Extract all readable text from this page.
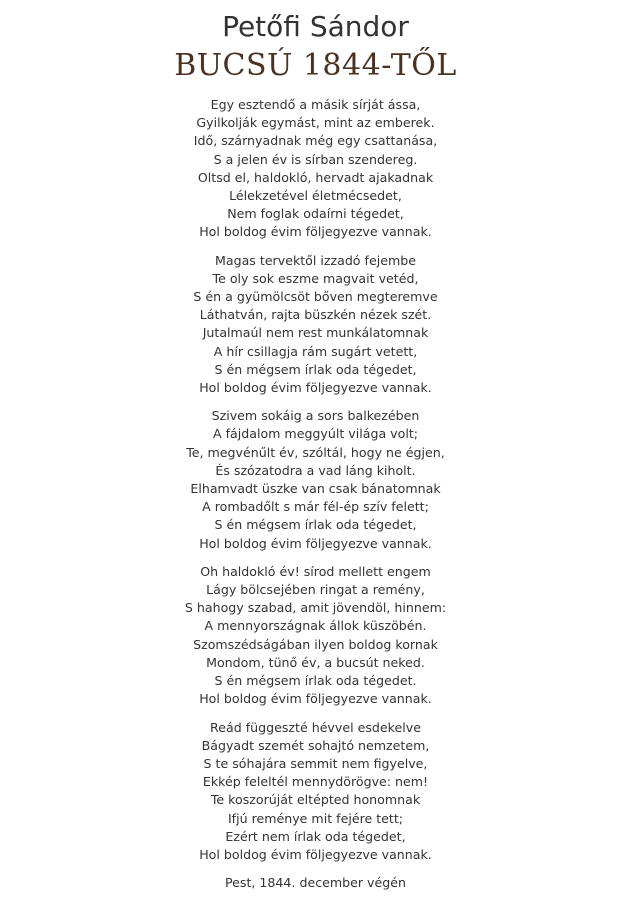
Petőfi Sándor
BUCSÚ 1844-TŐL
Egy esztendő a másik sírját ássa,
Gyilkolják egymást, mint az emberek.
Idő, szárnyadnak még egy csattanása,
S a jelen év is sírban szendereg.
Oltsd el, haldokló, hervadt ajakadnak
Lélekzetével életmécsedet,
Nem foglak odaírni tégedet,
Hol boldog évim följegyezve vannak.
Magas tervektől izzadó fejembe
Te oly sok eszme magvait vetéd,
S én a gyümölcsöt bőven megteremve
Láthatván, rajta büszkén nézek szét.
Jutalmaúl nem rest munkálatomnak
A hír csillagja rám sugárt vetett,
S én mégsem írlak oda tégedet,
Hol boldog évim följegyezve vannak.
Szivem sokáig a sors balkezében
A fájdalom meggyúlt világa volt;
Te, megvénűlt év, szóltál, hogy ne égjen,
És szózatodra a vad láng kiholt.
Elhamvadt üszke van csak bánatomnak
A rombadőlt s már fél-ép szív felett;
S én mégsem írlak oda tégedet,
Hol boldog évim följegyezve vannak.
Oh haldokló év! sírod mellett engem
Lágy bölcsejében ringat a remény,
S hahogy szabad, amit jövendöl, hinnem:
A mennyországnak állok küszöbén.
Szomszédságában ilyen boldog kornak
Mondom, tünő év, a bucsút neked.
S én mégsem írlak oda tégedet.
Hol boldog évim följegyezve vannak.
Reád függeszté hévvel esdekelve
Bágyadt szemét sohajtó nemzetem,
S te sóhajára semmit nem figyelve,
Ekkép feleltél mennydörögve: nem!
Te koszorúját eltépted honomnak
Ifjú reménye mit fejére tett;
Ezért nem írlak oda tégedet,
Hol boldog évim följegyezve vannak.
Pest, 1844. december végén
